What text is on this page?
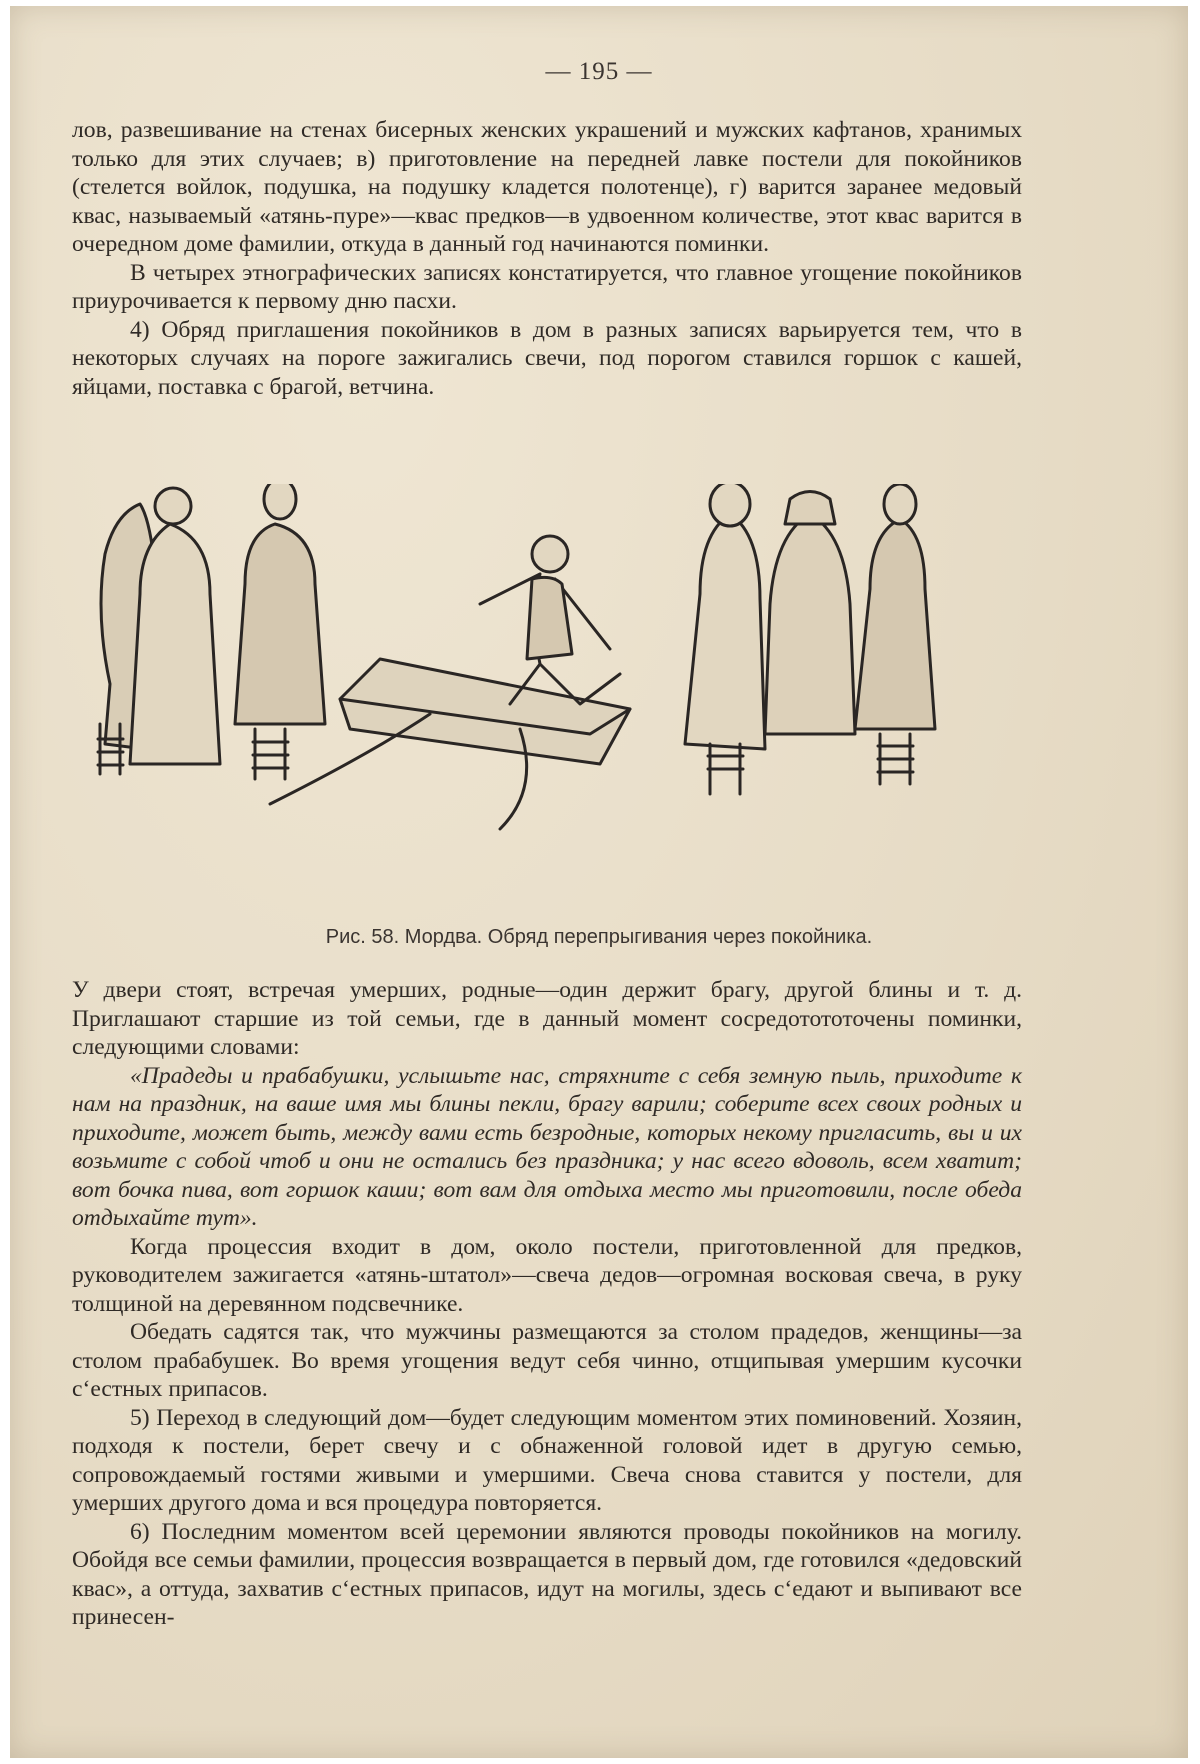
— 195 —

лов, развешивание на стенах бисерных женских украшений и мужских кафтанов, хранимых только для этих случаев; в) приготовление на передней лавке постели для покойников (стелется войлок, подушка, на подушку кладется полотенце), г) варится заранее медовый квас, называемый «атянь-пуре»—квас предков—в удвоенном количестве, этот квас варится в очередном доме фамилии, откуда в данный год начинаются поминки.

В четырех этнографических записях констатируется, что главное угощение покойников приурочивается к первому дню пасхи.

4) Обряд приглашения покойников в дом в разных записях варьируется тем, что в некоторых случаях на пороге зажигались свечи, под порогом ставился горшок с кашей, яйцами, поставка с брагой, ветчина.

Рис. 58. Мордва. Обряд перепрыгивания через покойника.

У двери стоят, встречая умерших, родные—один держит брагу, другой блины и т. д. Приглашают старшие из той семьи, где в данный момент сосредотототочены поминки, следующими словами:

«Прадеды и прабабушки, услышьте нас, стряхните с себя земную пыль, приходите к нам на праздник, на ваше имя мы блины пекли, брагу варили; соберите всех своих родных и приходите, может быть, между вами есть безродные, которых некому пригласить, вы и их возьмите с собой чтоб и они не остались без праздника; у нас всего вдоволь, всем хватит; вот бочка пива, вот горшок каши; вот вам для отдыха место мы приготовили, после обеда отдыхайте тут».

Когда процессия входит в дом, около постели, приготовленной для предков, руководителем зажигается «атянь-штатол»—свеча дедов—огромная восковая свеча, в руку толщиной на деревянном подсвечнике.

Обедать садятся так, что мужчины размещаются за столом прадедов, женщины—за столом прабабушек. Во время угощения ведут себя чинно, отщипывая умершим кусочки сʻестных припасов.

5) Переход в следующий дом—будет следующим моментом этих поминовений. Хозяин, подходя к постели, берет свечу и с обнаженной головой идет в другую семью, сопровождаемый гостями живыми и умершими. Свеча снова ставится у постели, для умерших другого дома и вся процедура повторяется.

6) Последним моментом всей церемонии являются проводы покойников на могилу. Обойдя все семьи фамилии, процессия возвращается в первый дом, где готовился «дедовский квас», а оттуда, захватив сʻестных припасов, идут на могилы, здесь сʻедают и выпивают все принесен-
